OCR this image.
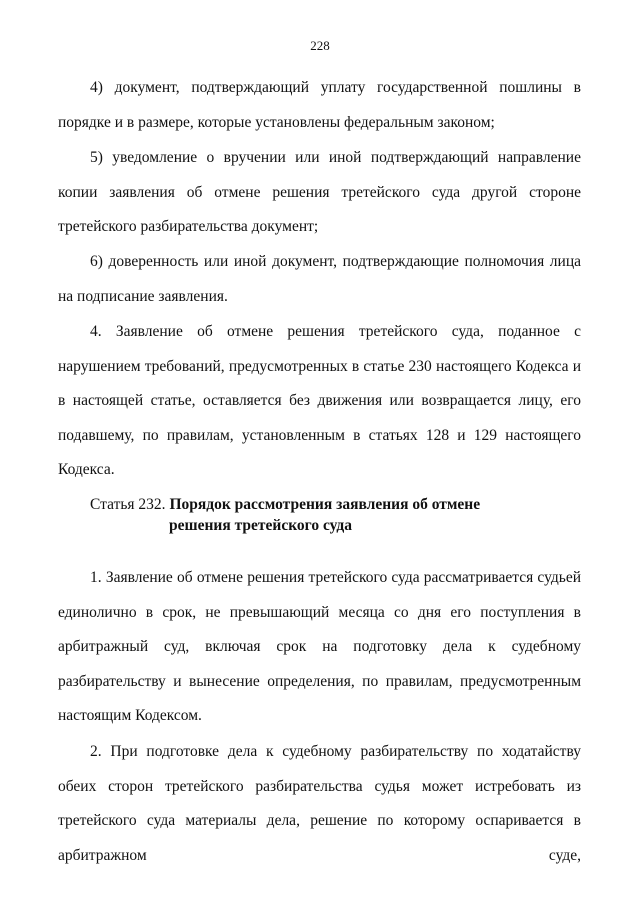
228

4) документ, подтверждающий уплату государственной пошлины в порядке и в размере, которые установлены федеральным законом;

5) уведомление о вручении или иной подтверждающий направление копии заявления об отмене решения третейского суда другой стороне третейского разбирательства документ;

6) доверенность или иной документ, подтверждающие полномочия лица на подписание заявления.

4. Заявление об отмене решения третейского суда, поданное с нарушением требований, предусмотренных в статье 230 настоящего Кодекса и в настоящей статье, оставляется без движения или возвращается лицу, его подавшему, по правилам, установленным в статьях 128 и 129 настоящего Кодекса.

Статья 232. Порядок рассмотрения заявления об отмене
решения третейского суда

1. Заявление об отмене решения третейского суда рассматривается судьей единолично в срок, не превышающий месяца со дня его поступления в арбитражный суд, включая срок на подготовку дела к судебному разбирательству и вынесение определения, по правилам, предусмотренным настоящим Кодексом.

2. При подготовке дела к судебному разбирательству по ходатайству обеих сторон третейского разбирательства судья может истребовать из третейского суда материалы дела, решение по которому оспаривается в арбитражном суде,
